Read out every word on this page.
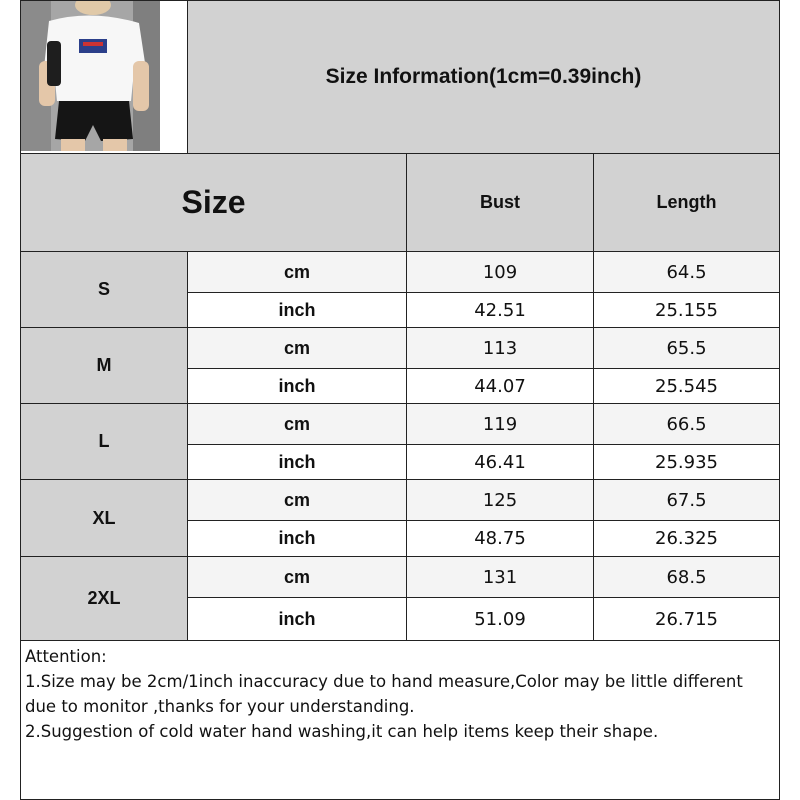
Size Information(1cm=0.39inch)
Size	Bust	Length
S
cm	109	64.5
inch	42.51	25.155
M
cm	113	65.5
inch	44.07	25.545
L
cm	119	66.5
inch	46.41	25.935
XL
cm	125	67.5
inch	48.75	26.325
2XL
cm	131	68.5
inch	51.09	26.715
Attention:
1.Size may be 2cm/1inch inaccuracy due to hand measure,Color may be little different due to monitor ,thanks for your understanding.
2.Suggestion of cold water hand washing,it can help items keep their shape.
